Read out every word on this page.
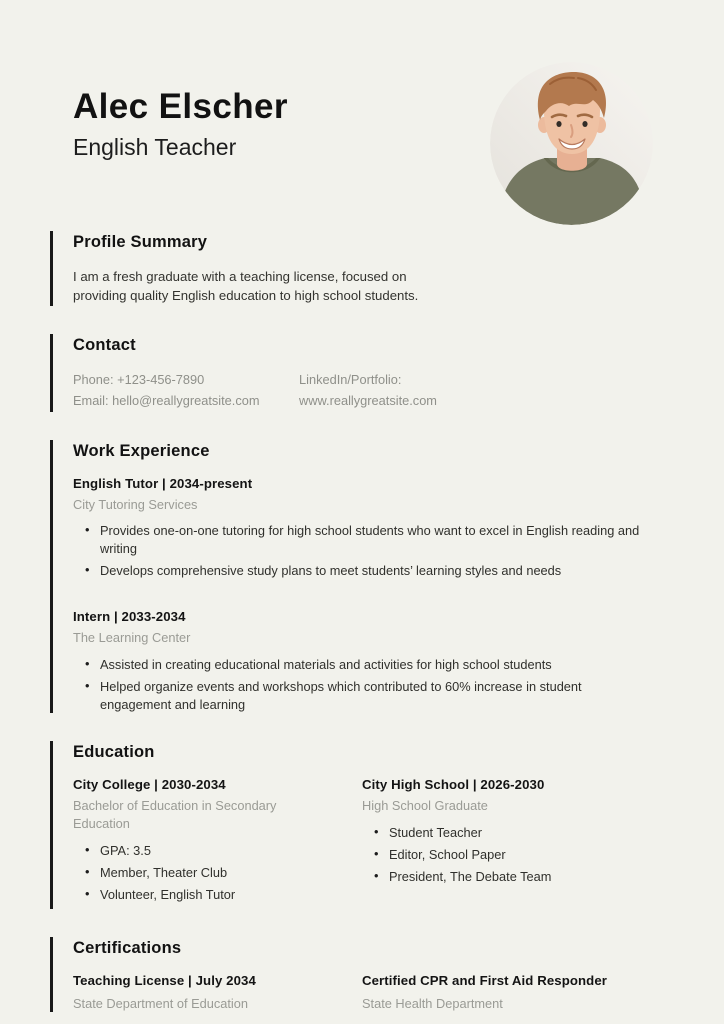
Alec Elscher
English Teacher
Profile Summary

I am a fresh graduate with a teaching license, focused on providing quality English education to high school students.

Contact
Phone: +123-456-7890
Email: hello@reallygreatsite.com
LinkedIn/Portfolio:
www.reallygreatsite.com
Work Experience
English Tutor | 2034-present
City Tutoring Services
• Provides one-on-one tutoring for high school students who want to excel in English reading and writing
• Develops comprehensive study plans to meet students’ learning styles and needs
Intern | 2033-2034
The Learning Center
• Assisted in creating educational materials and activities for high school students
• Helped organize events and workshops which contributed to 60% increase in student engagement and learning
Education
City College | 2030-2034
Bachelor of Education in Secondary Education
• GPA: 3.5
• Member, Theater Club
• Volunteer, English Tutor
City High School | 2026-2030
High School Graduate
• Student Teacher
• Editor, School Paper
• President, The Debate Team
Certifications
Teaching License | July 2034
State Department of Education
Certified CPR and First Aid Responder
State Health Department
